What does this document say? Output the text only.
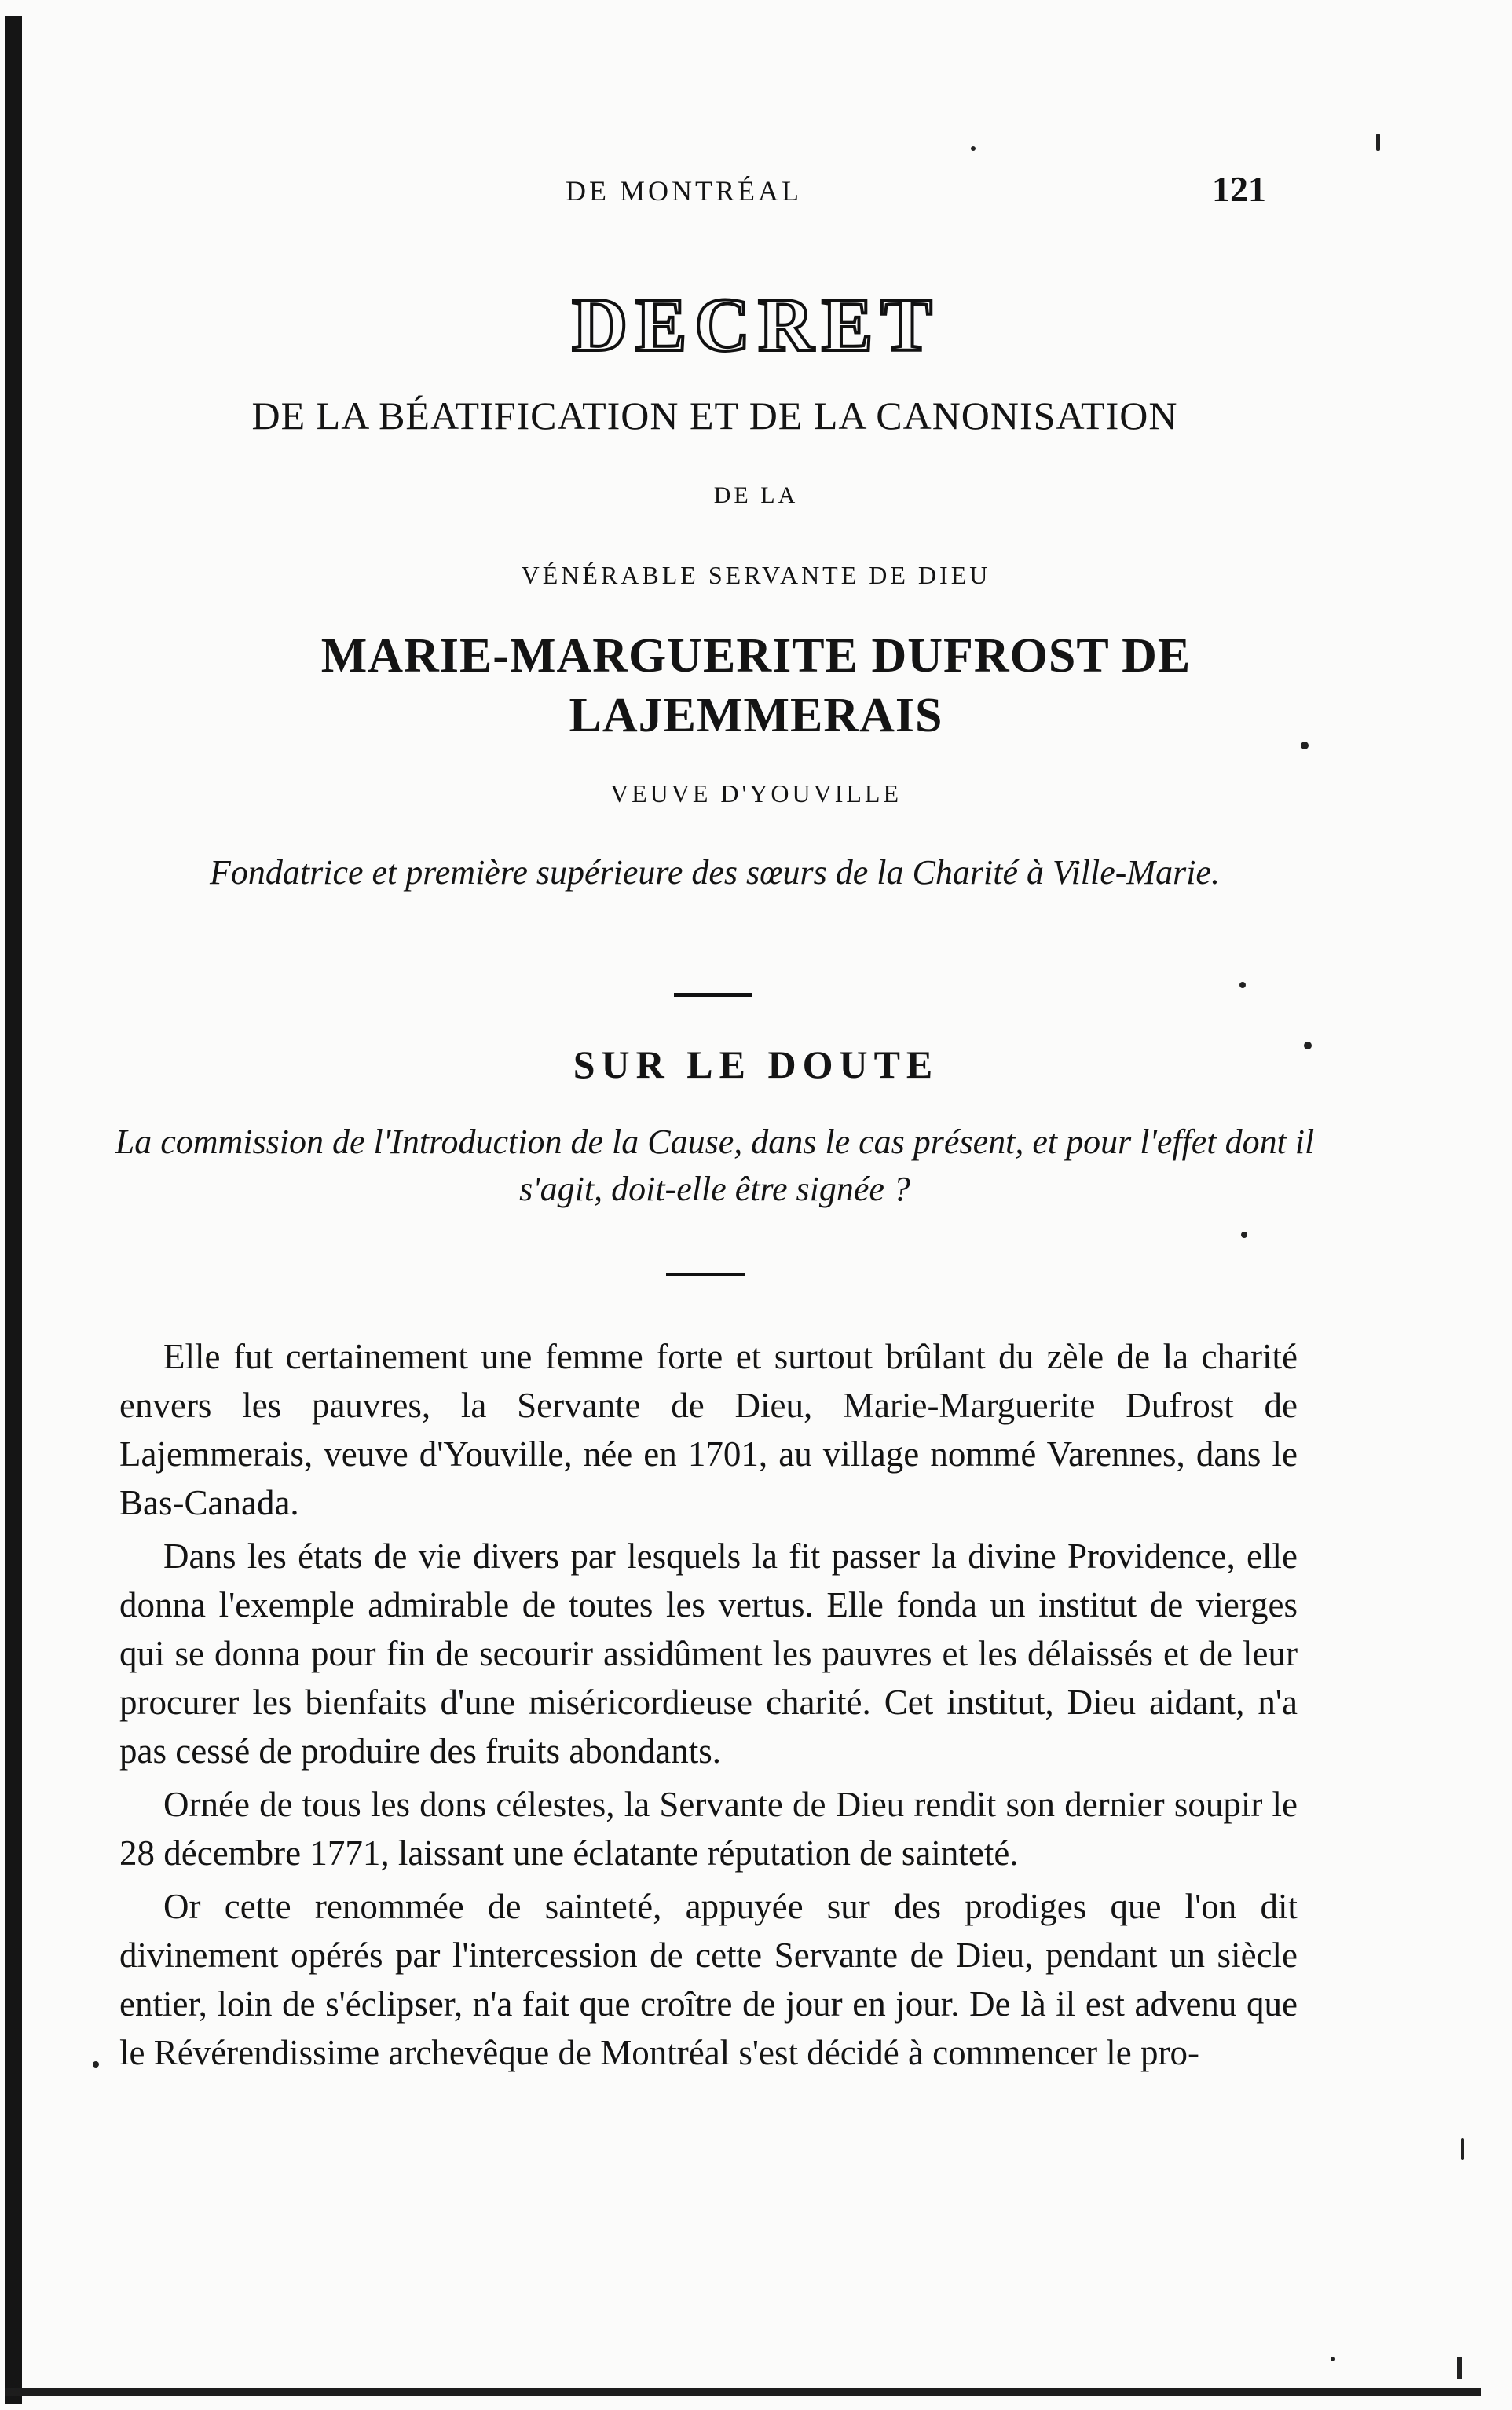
DE MONTRÉAL	121
DECRET
DE LA BÉATIFICATION ET DE LA CANONISATION
DE LA
VÉNÉRABLE SERVANTE DE DIEU
MARIE-MARGUERITE DUFROST DE
LAJEMMERAIS
VEUVE D'YOUVILLE
Fondatrice et première supérieure des sœurs de la Charité à Ville-Marie.
SUR LE DOUTE
La commission de l'Introduction de la Cause, dans le cas présent, et pour l'effet dont il s'agit, doit-elle être signée ?

Elle fut certainement une femme forte et surtout brûlant du zèle de la charité envers les pauvres, la Servante de Dieu, Marie-Marguerite Dufrost de Lajemmerais, veuve d'Youville, née en 1701, au village nommé Varennes, dans le Bas-Canada.

Dans les états de vie divers par lesquels la fit passer la divine Providence, elle donna l'exemple admirable de toutes les vertus. Elle fonda un institut de vierges qui se donna pour fin de secourir assidûment les pauvres et les délaissés et de leur procurer les bienfaits d'une miséricordieuse charité. Cet institut, Dieu aidant, n'a pas cessé de produire des fruits abondants.

Ornée de tous les dons célestes, la Servante de Dieu rendit son dernier soupir le 28 décembre 1771, laissant une éclatante réputation de sainteté.

Or cette renommée de sainteté, appuyée sur des prodiges que l'on dit divinement opérés par l'intercession de cette Servante de Dieu, pendant un siècle entier, loin de s'éclipser, n'a fait que croître de jour en jour. De là il est advenu que le Révérendissime archevêque de Montréal s'est décidé à commencer le pro-
